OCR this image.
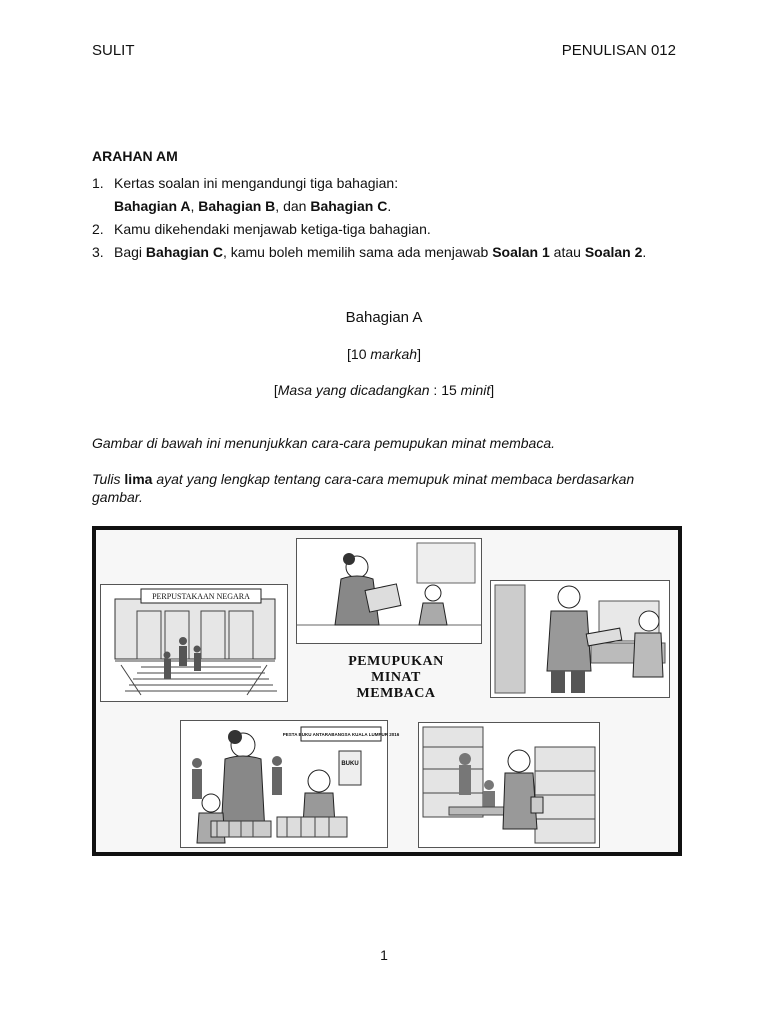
SULIT	PENULISAN 012
ARAHAN AM
1. Kertas soalan ini mengandungi tiga bahagian:
Bahagian A, Bahagian B, dan Bahagian C.
2. Kamu dikehendaki menjawab ketiga-tiga bahagian.
3. Bagi Bahagian C, kamu boleh memilih sama ada menjawab Soalan 1 atau Soalan 2.
Bahagian A
[10 markah]
[Masa yang dicadangkan : 15 minit]
Gambar di bawah ini menunjukkan cara-cara pemupukan minat membaca.
Tulis lima ayat yang lengkap tentang cara-cara memupuk minat membaca berdasarkan gambar.
PERPUSTAKAAN NEGARA
PEMUPUKAN
MINAT
MEMBACA
PESTA BUKU ANTARABANGSA KUALA LUMPUR 2016
BUKU
1
